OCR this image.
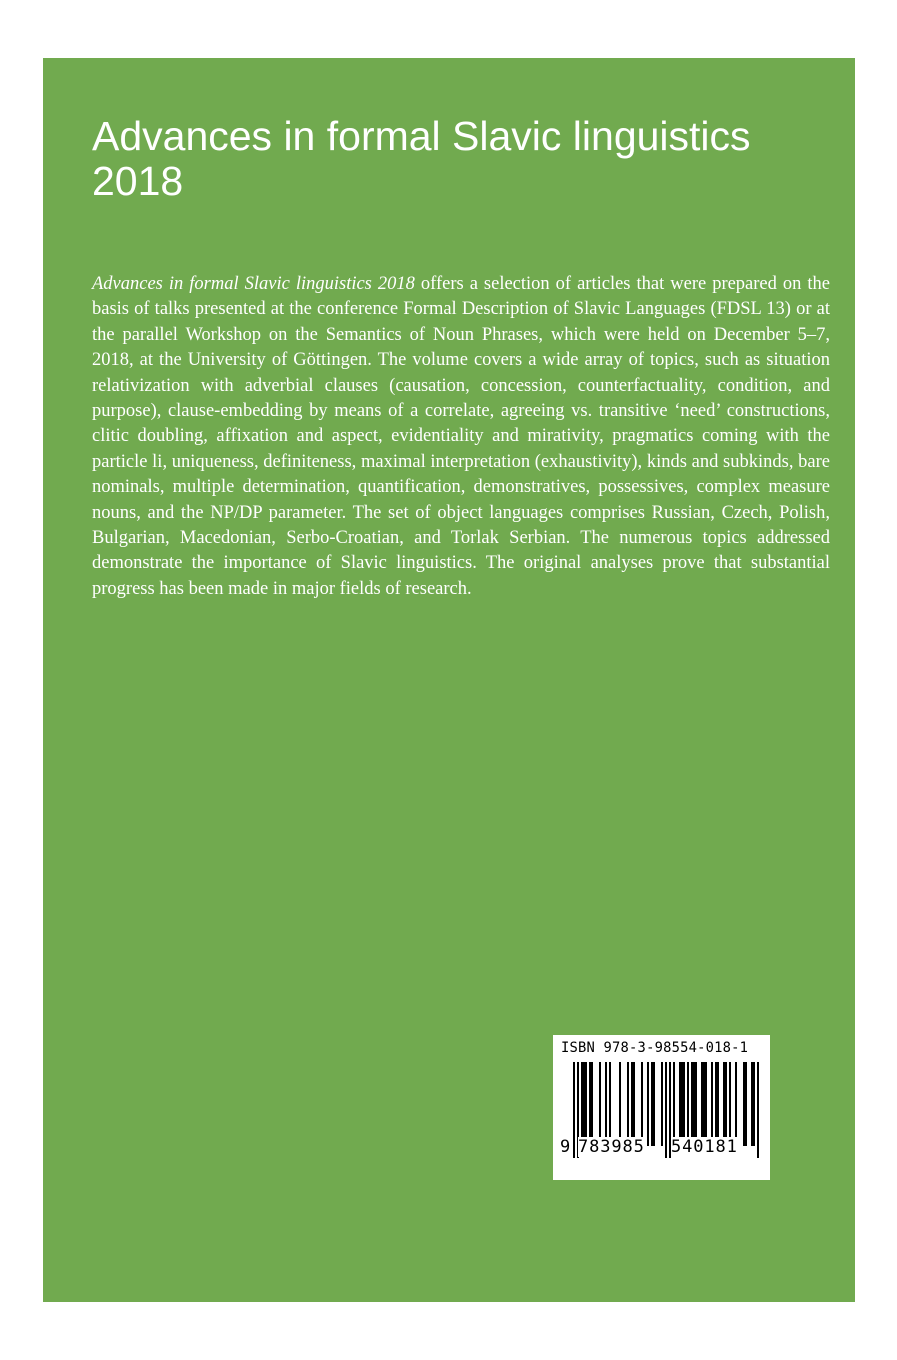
Advances in formal Slavic linguistics 2018

Advances in formal Slavic linguistics 2018 offers a selection of articles that were prepared on the basis of talks presented at the conference Formal Description of Slavic Languages (FDSL 13) or at the parallel Workshop on the Semantics of Noun Phrases, which were held on December 5–7, 2018, at the University of Göttingen. The volume covers a wide array of topics, such as situation relativization with adverbial clauses (causation, concession, counterfactuality, condition, and purpose), clause-embedding by means of a correlate, agreeing vs. transitive ‘need’ constructions, clitic doubling, affixation and aspect, evidentiality and mirativity, pragmatics coming with the particle li, uniqueness, definiteness, maximal interpretation (exhaustivity), kinds and subkinds, bare nominals, multiple determination, quantification, demonstratives, possessives, complex measure nouns, and the NP/DP parameter. The set of object languages comprises Russian, Czech, Polish, Bulgarian, Macedonian, Serbo-Croatian, and Torlak Serbian. The numerous topics addressed demonstrate the importance of Slavic linguistics. The original analyses prove that substantial progress has been made in major fields of research.

ISBN 978-3-98554-018-1
9 783985 540181
